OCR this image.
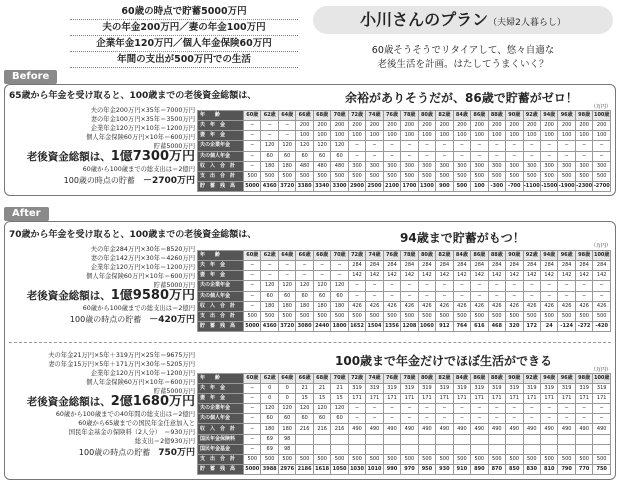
60歳の時点で貯蓄5000万円
夫の年金200万円／妻の年金100万円
企業年金120万円／個人年金保険60万円
年間の支出が500万円での生活
小川さんのプラン（夫婦2人暮らし）
60歳そうそうでリタイアして、悠々自適な
老後生活を計画。はたしてうまくいく？
Before
65歳から年金を受け取ると、100歳までの老後資金総額は、	余裕がありそうだが、86歳で貯蓄がゼロ！
（万円）
夫の年金200万円×35年＝7000万円
妻の年金100万円×35年＝3500万円
企業年金120万円×10年＝1200万円
個人年金保険60万円×10年＝600万円
貯蓄5000万円
老後資金総額は、1億7300万円
60歳から100歳までの総支出は＝2億円
100歳の時点の貯蓄　 －2700万円
年　　齢	60歳	62歳	64歳	66歳	68歳	70歳	72歳	74歳	76歳	78歳	80歳	82歳	84歳	86歳	88歳	90歳	92歳	94歳	96歳	98歳	100歳
夫　年　金	─	─	─	200	200	200	200	200	200	200	200	200	200	200	200	200	200	200	200	200	200
妻　年　金	─	─	─	100	100	100	100	100	100	100	100	100	100	100	100	100	100	100	100	100	100
夫の企業年金	─	120	120	120	120	120	─	─	─	─	─	─	─	─	─	─	─	─	─	─	─
夫の個人年金	─	60	60	60	60	60	─	─	─	─	─	─	─	─	─	─	─	─	─	─	─
収　入　合　計	─	180	180	480	480	480	300	300	300	300	300	300	300	300	300	300	300	300	300	300	300
支　出　合　計	500	500	500	500	500	500	500	500	500	500	500	500	500	500	500	500	500	500	500	500	500
貯　蓄　残　高	5000	4360	3720	3380	3340	3300	2900	2500	2100	1700	1300	900	500	100	-300	-700	-1100	-1500	-1900	-2300	-2700
After
70歳から年金を受け取ると、100歳までの老後資金総額は、	94歳まで貯蓄がもつ！
（万円）
夫の年金284万円×30年＝8520万円
妻の年金142万円×30年＝4260万円
企業年金120万円×10年＝1200万円
個人年金保険60万円×10年＝600万円
貯蓄5000万円
老後資金総額は、1億9580万円
60歳から100歳までの総支出は＝2億円
100歳の時点の貯蓄　 －420万円
年　　齢	60歳	62歳	64歳	66歳	68歳	70歳	72歳	74歳	76歳	78歳	80歳	82歳	84歳	86歳	88歳	90歳	92歳	94歳	96歳	98歳	100歳
夫　年　金	─	─	─	─	─	─	284	284	284	284	284	284	284	284	284	284	284	284	284	284	284
妻　年　金	─	─	─	─	─	─	142	142	142	142	142	142	142	142	142	142	142	142	142	142	142
夫の企業年金	─	120	120	120	120	120	─	─	─	─	─	─	─	─	─	─	─	─	─	─	─
夫の個人年金	─	60	60	60	60	60	─	─	─	─	─	─	─	─	─	─	─	─	─	─	─
収　入　合　計	─	180	180	180	180	180	426	426	426	426	426	426	426	426	426	426	426	426	426	426	426
支　出　合　計	500	500	500	500	500	500	500	500	500	500	500	500	500	500	500	500	500	500	500	500	500
貯　蓄　残　高	5000	4360	3720	3080	2440	1800	1652	1504	1356	1208	1060	912	764	616	468	320	172	24	-124	-272	-420
100歳まで年金だけでほぼ生活ができる
（万円）
夫の年金21万円×5年＋319万円×25年＝9675万円
妻の年金15万円×5年＋171万円×30年＝5205万円
企業年金120万円×10年＝1200万円
個人年金保険60万円×10年＝600万円
貯蓄5000万円
老後資金総額は、2億1680万円
60歳から100歳までの40年間の総支出は＝2億円
60歳から65歳までの国民年金任意加入と
国民年金基金の保険料（2人分）　＝930万円
総支出＝2億930万円
100歳の時点の貯蓄　 750万円
年　　齢	60歳	62歳	64歳	66歳	68歳	70歳	72歳	74歳	76歳	78歳	80歳	82歳	84歳	86歳	88歳	90歳	92歳	94歳	96歳	98歳	100歳
夫　年　金	─	0	0	21	21	21	319	319	319	319	319	319	319	319	319	319	319	319	319	319	319
妻　年　金	─	0	0	15	15	15	171	171	171	171	171	171	171	171	171	171	171	171	171	171	171
夫の企業年金	─	120	120	120	120	120	─	─	─	─	─	─	─	─	─	─	─	─	─	─	─
夫の個人年金	─	60	60	60	60	60	─	─	─	─	─	─	─	─	─	─	─	─	─	─	─
収　入　合　計	─	180	180	216	216	216	490	490	490	490	490	490	490	490	490	490	490	490	490	490	490
国民年金保険料	─	69	98																		
国民年金基金	─	69	98																		
支　出　合　計	500	500	500	500	500	500	500	500	500	500	500	500	500	500	500	500	500	500	500	500	500
貯　蓄　残　高	5000	3988	2976	2186	1618	1050	1030	1010	990	970	950	930	910	890	870	850	830	810	790	770	750
